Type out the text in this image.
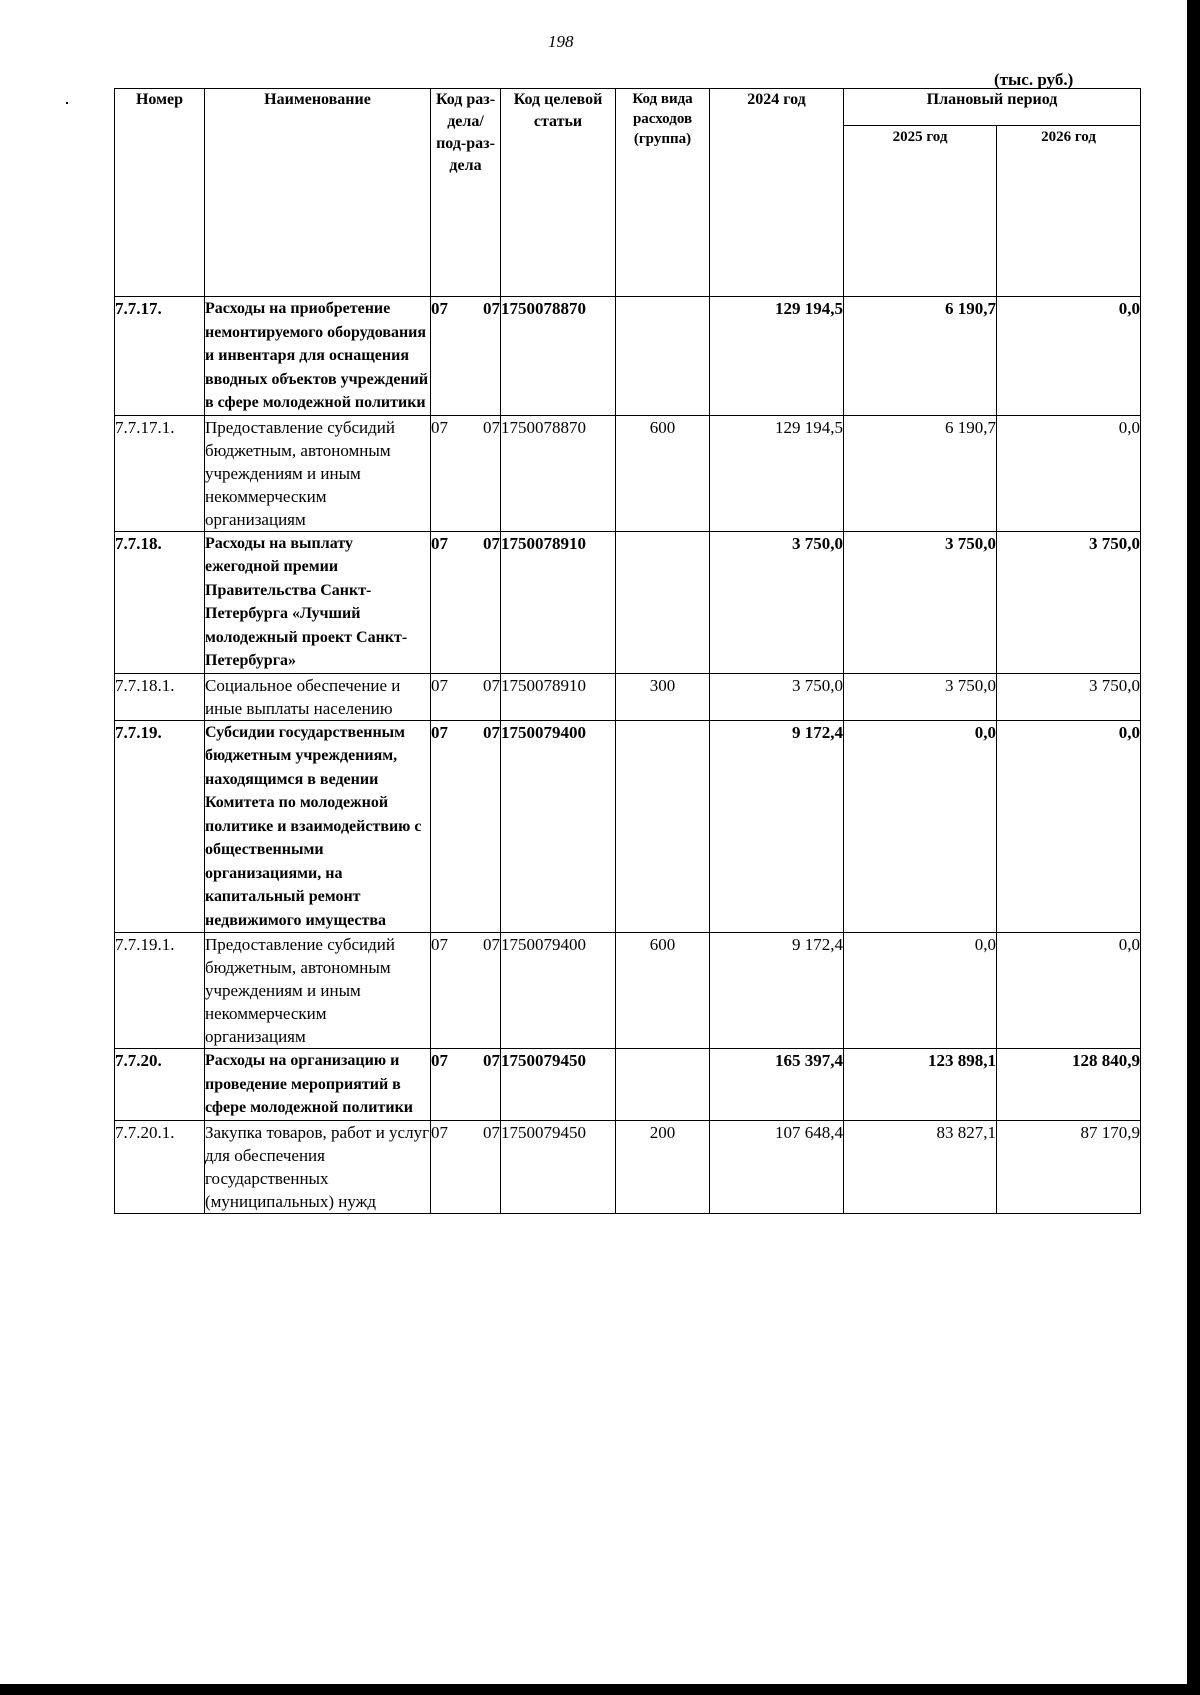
198
(тыс. руб.)
Номер	Наименование	Код раз-дела/ под-раз-дела	Код целевой статьи	Код вида расходов (группа)	2024 год	Плановый период	
						2025 год	2026 год
7.7.17.	Расходы на приобретение немонтируемого оборудования и инвентаря для оснащения вводных объектов учреждений в сфере молодежной политики	07 07	1750078870		129 194,5	6 190,7	0,0
7.7.17.1.	Предоставление субсидий бюджетным, автономным учреждениям и иным некоммерческим организациям	07 07	1750078870	600	129 194,5	6 190,7	0,0
7.7.18.	Расходы на выплату ежегодной премии Правительства Санкт-Петербурга «Лучший молодежный проект Санкт-Петербурга»	07 07	1750078910		3 750,0	3 750,0	3 750,0
7.7.18.1.	Социальное обеспечение и иные выплаты населению	07 07	1750078910	300	3 750,0	3 750,0	3 750,0
7.7.19.	Субсидии государственным бюджетным учреждениям, находящимся в ведении Комитета по молодежной политике и взаимодействию с общественными организациями, на капитальный ремонт недвижимого имущества	07 07	1750079400		9 172,4	0,0	0,0
7.7.19.1.	Предоставление субсидий бюджетным, автономным учреждениям и иным некоммерческим организациям	07 07	1750079400	600	9 172,4	0,0	0,0
7.7.20.	Расходы на организацию и проведение мероприятий в сфере молодежной политики	07 07	1750079450		165 397,4	123 898,1	128 840,9
7.7.20.1.	Закупка товаров, работ и услуг для обеспечения государственных (муниципальных) нужд	07 07	1750079450	200	107 648,4	83 827,1	87 170,9
